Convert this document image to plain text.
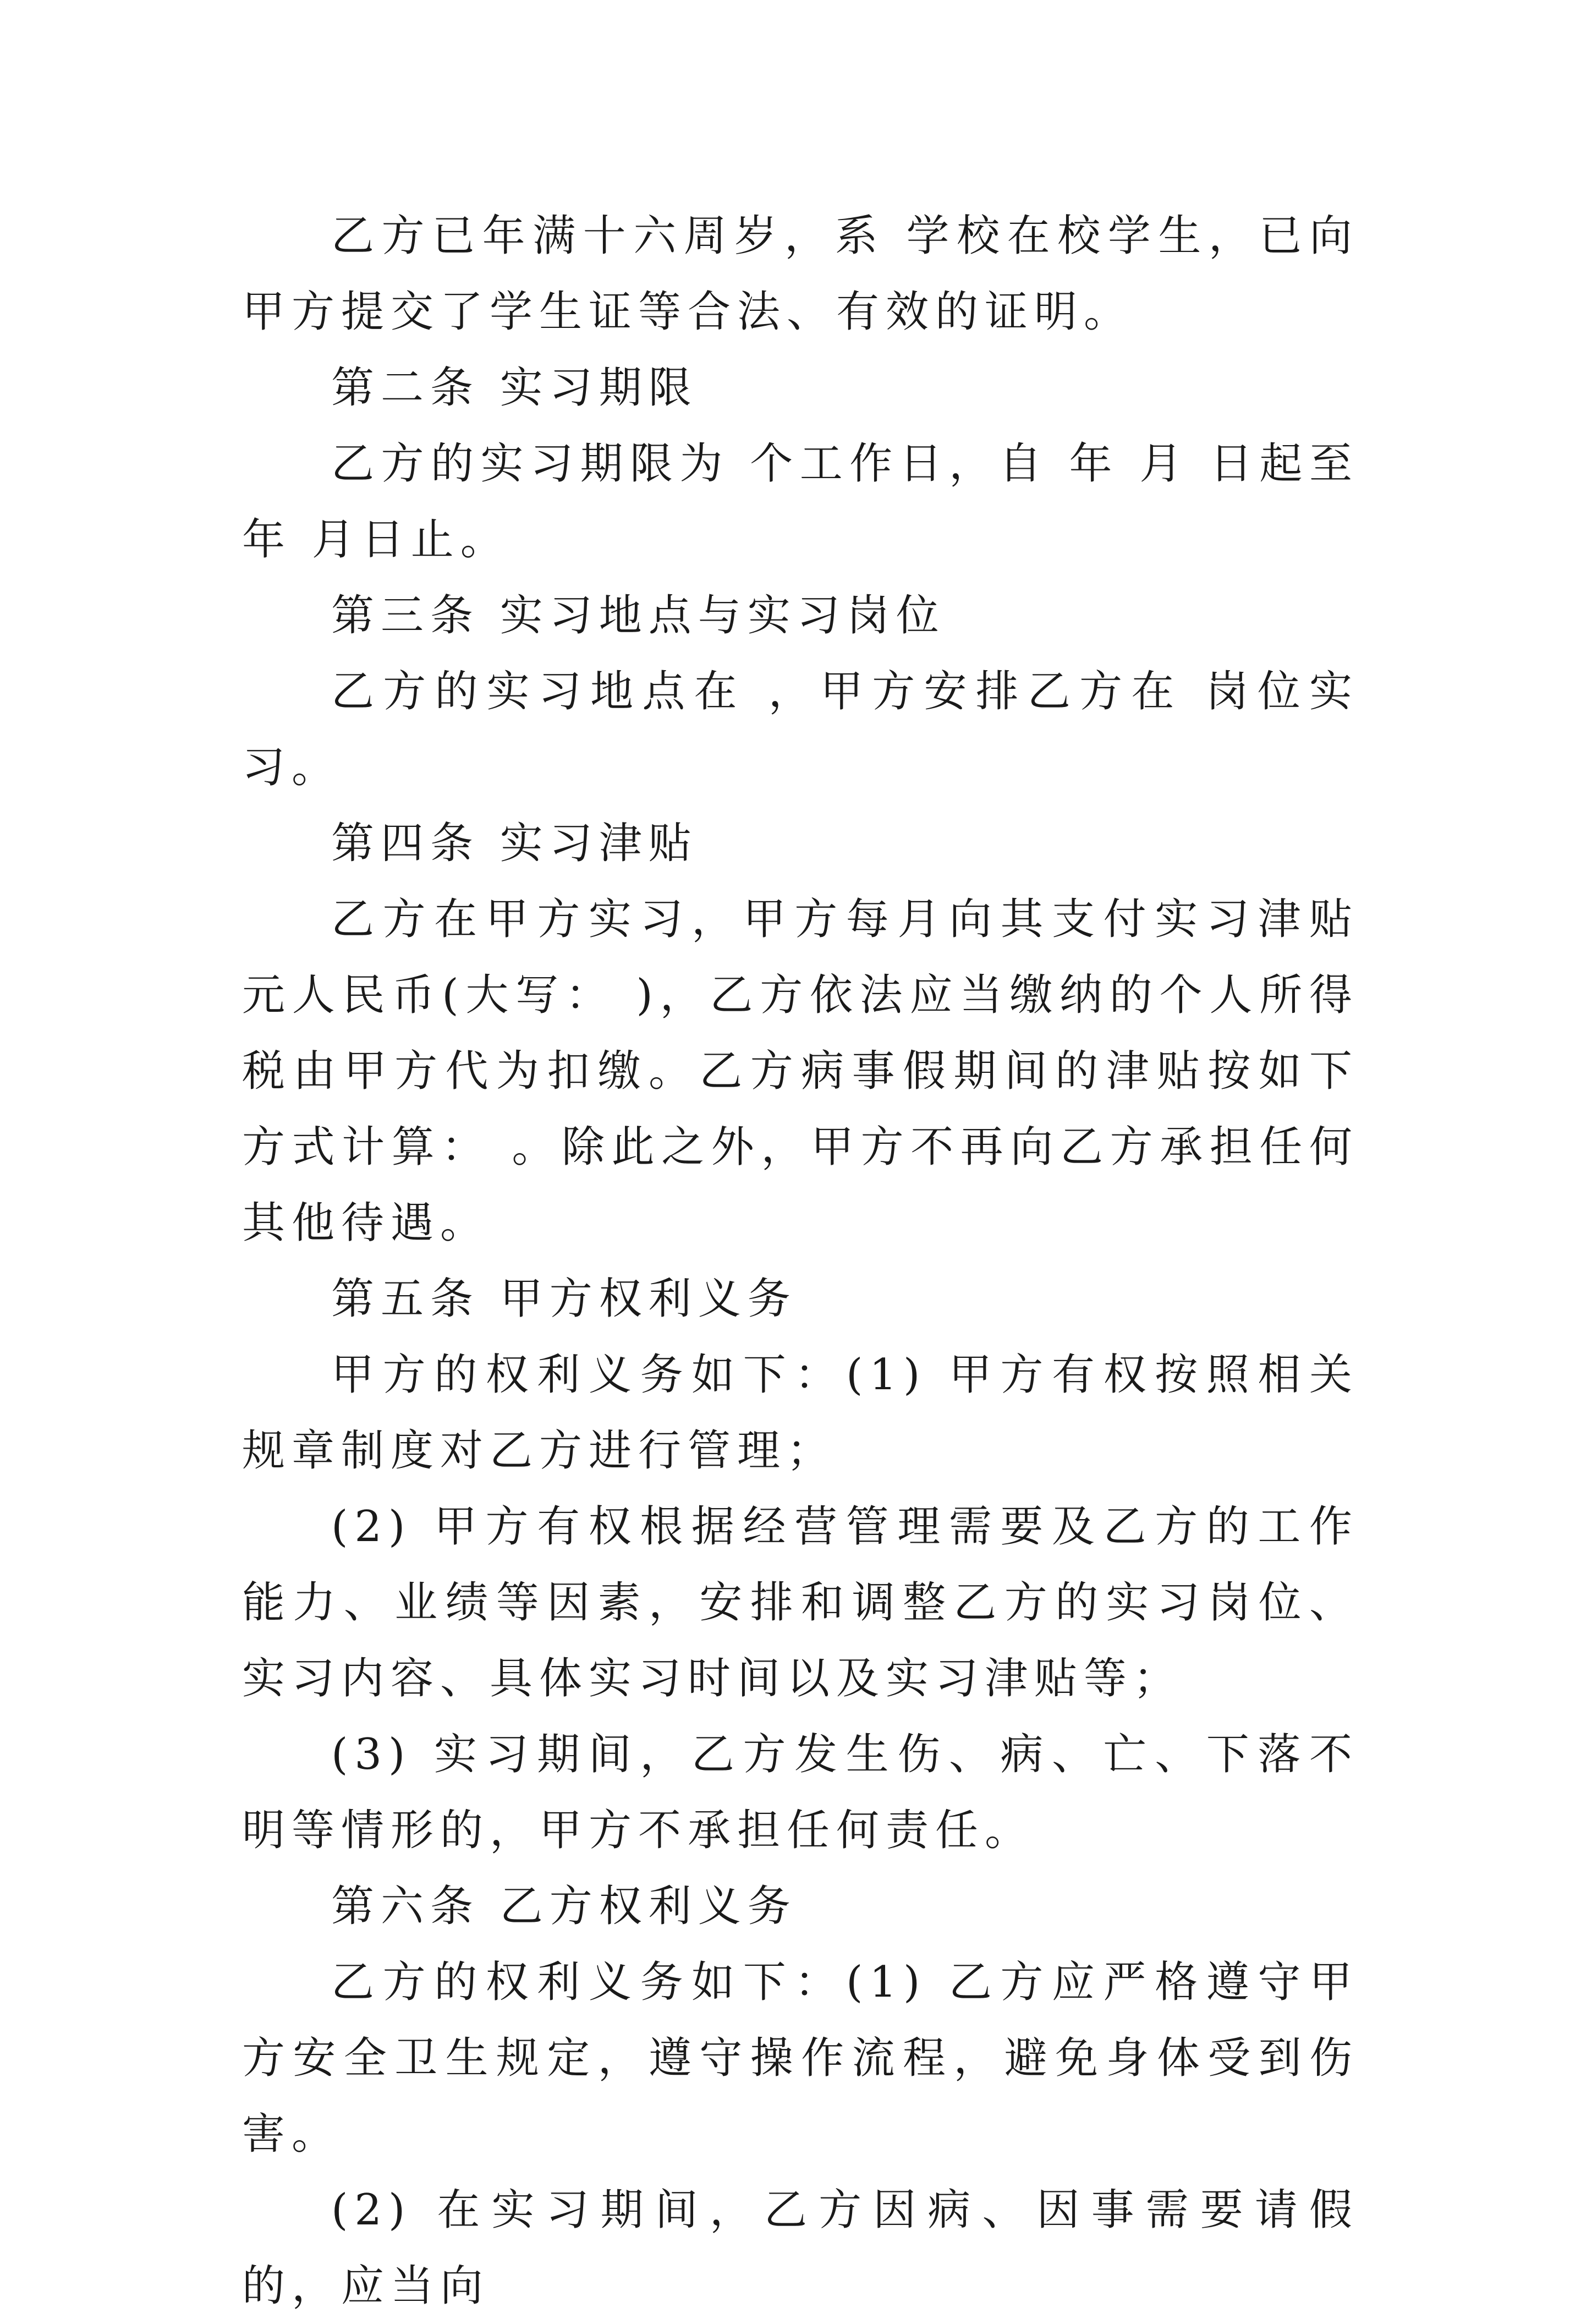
乙方已年满十六周岁，系 学校在校学生，已向甲方提交了学生证等合法、有效的证明。

第二条 实习期限

乙方的实习期限为 个工作日，自 年 月 日起至 年 月日止。

第三条 实习地点与实习岗位

乙方的实习地点在 ，甲方安排乙方在 岗位实习。

第四条 实习津贴

乙方在甲方实习，甲方每月向其支付实习津贴 元人民币(大写： )，乙方依法应当缴纳的个人所得税由甲方代为扣缴。乙方病事假期间的津贴按如下方式计算： 。除此之外，甲方不再向乙方承担任何其他待遇。

第五条 甲方权利义务

甲方的权利义务如下：(1) 甲方有权按照相关规章制度对乙方进行管理；

(2) 甲方有权根据经营管理需要及乙方的工作能力、业绩等因素，安排和调整乙方的实习岗位、实习内容、具体实习时间以及实习津贴等；

(3) 实习期间，乙方发生伤、病、亡、下落不明等情形的，甲方不承担任何责任。

第六条 乙方权利义务

乙方的权利义务如下：(1) 乙方应严格遵守甲方安全卫生规定，遵守操作流程，避免身体受到伤害。

(2) 在实习期间，乙方因病、因事需要请假的，应当向
